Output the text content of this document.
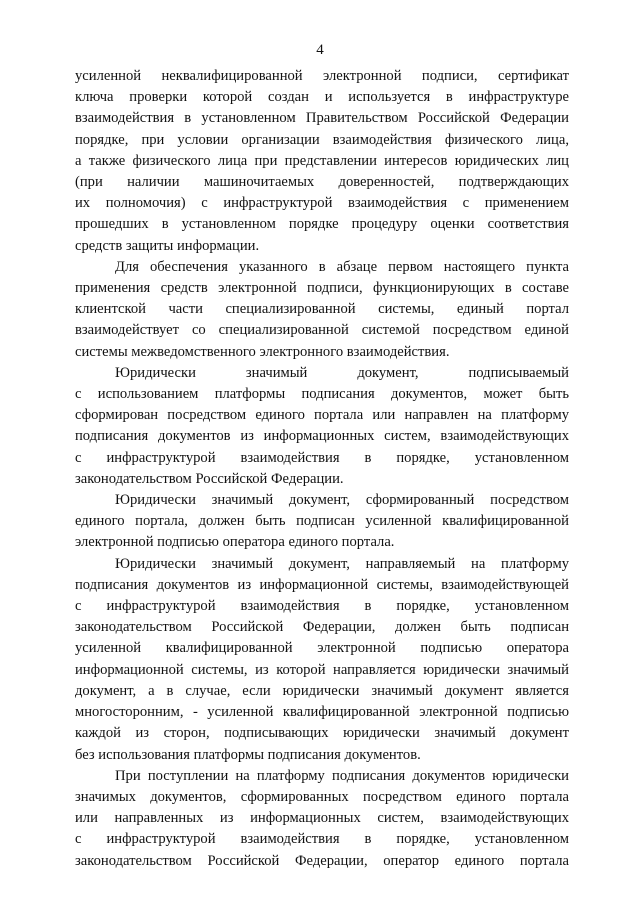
4
усиленной неквалифицированной электронной подписи, сертификат
ключа проверки которой создан и используется в инфраструктуре
взаимодействия в установленном Правительством Российской Федерации
порядке, при условии организации взаимодействия физического лица,
а также физического лица при представлении интересов юридических лиц
(при наличии машиночитаемых доверенностей, подтверждающих
их полномочия) с инфраструктурой взаимодействия с применением
прошедших в установленном порядке процедуру оценки соответствия
средств защиты информации.
Для обеспечения указанного в абзаце первом настоящего пункта
применения средств электронной подписи, функционирующих в составе
клиентской части специализированной системы, единый портал
взаимодействует со специализированной системой посредством единой
системы межведомственного электронного взаимодействия.
Юридически значимый документ, подписываемый
с использованием платформы подписания документов, может быть
сформирован посредством единого портала или направлен на платформу
подписания документов из информационных систем, взаимодействующих
с инфраструктурой взаимодействия в порядке, установленном
законодательством Российской Федерации.
Юридически значимый документ, сформированный посредством
единого портала, должен быть подписан усиленной квалифицированной
электронной подписью оператора единого портала.
Юридически значимый документ, направляемый на платформу
подписания документов из информационной системы, взаимодействующей
с инфраструктурой взаимодействия в порядке, установленном
законодательством Российской Федерации, должен быть подписан
усиленной квалифицированной электронной подписью оператора
информационной системы, из которой направляется юридически значимый
документ, а в случае, если юридически значимый документ является
многосторонним, - усиленной квалифицированной электронной подписью
каждой из сторон, подписывающих юридически значимый документ
без использования платформы подписания документов.
При поступлении на платформу подписания документов юридически
значимых документов, сформированных посредством единого портала
или направленных из информационных систем, взаимодействующих
с инфраструктурой взаимодействия в порядке, установленном
законодательством Российской Федерации, оператор единого портала
